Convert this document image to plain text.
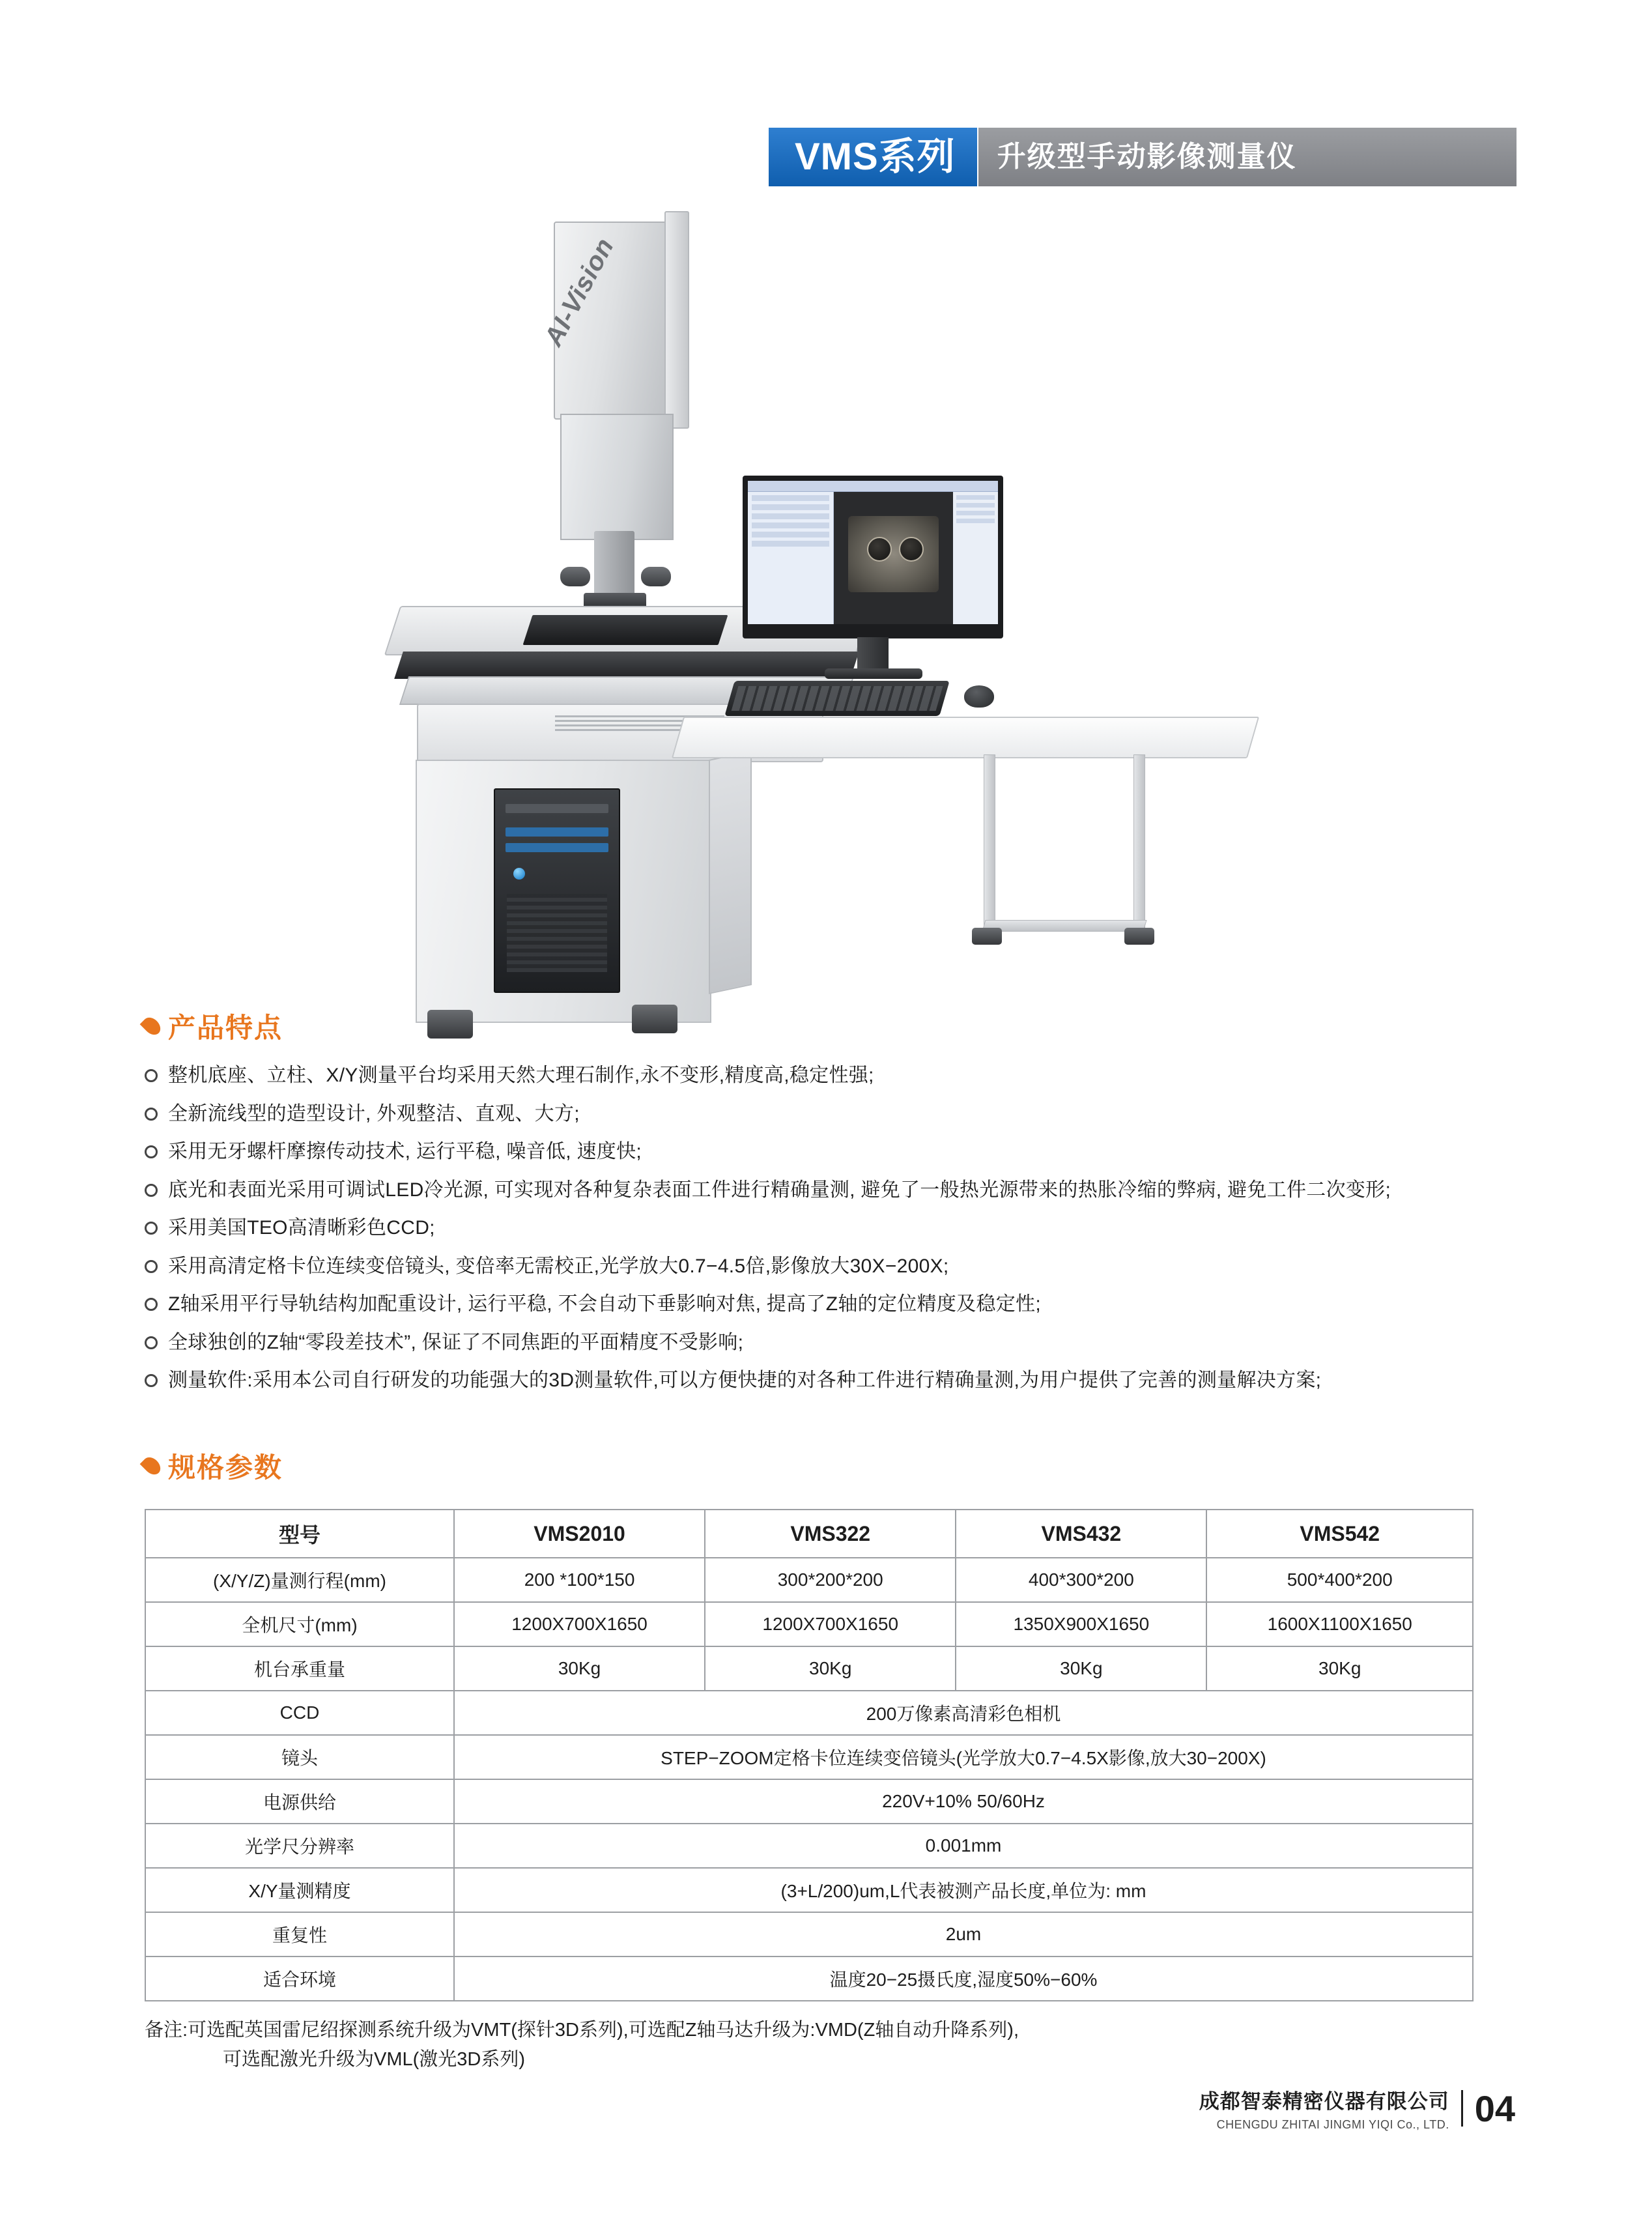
VMS系列 升级型手动影像测量仪
AI-Vision
产品特点
整机底座、立柱、X/Y测量平台均采用天然大理石制作,永不变形,精度高,稳定性强;
全新流线型的造型设计, 外观整洁、直观、大方;
采用无牙螺杆摩擦传动技术, 运行平稳, 噪音低, 速度快;
底光和表面光采用可调试LED冷光源, 可实现对各种复杂表面工件进行精确量测, 避免了一般热光源带来的热胀冷缩的弊病, 避免工件二次变形;
采用美国TEO高清晰彩色CCD;
采用高清定格卡位连续变倍镜头, 变倍率无需校正,光学放大0.7−4.5倍,影像放大30X−200X;
Z轴采用平行导轨结构加配重设计, 运行平稳, 不会自动下垂影响对焦, 提高了Z轴的定位精度及稳定性;
全球独创的Z轴“零段差技术”, 保证了不同焦距的平面精度不受影响;
测量软件:采用本公司自行研发的功能强大的3D测量软件,可以方便快捷的对各种工件进行精确量测,为用户提供了完善的测量解决方案;
规格参数
型号	VMS2010	VMS322	VMS432	VMS542
(X/Y/Z)量测行程(mm)	200 *100*150	300*200*200	400*300*200	500*400*200
全机尺寸(mm)	1200X700X1650	1200X700X1650	1350X900X1650	1600X1100X1650
机台承重量	30Kg	30Kg	30Kg	30Kg
CCD	200万像素高清彩色相机			
镜头	STEP−ZOOM定格卡位连续变倍镜头(光学放大0.7−4.5X影像,放大30−200X)			
电源供给	220V+10% 50/60Hz			
光学尺分辨率	0.001mm			
X/Y量测精度	(3+L/200)um,L代表被测产品长度,单位为: mm			
重复性	2um			
适合环境	温度20−25摄氏度,湿度50%−60%			
备注:可选配英国雷尼绍探测系统升级为VMT(探针3D系列),可选配Z轴马达升级为:VMD(Z轴自动升降系列),
可选配激光升级为VML(激光3D系列)
成都智泰精密仪器有限公司
CHENGDU ZHITAI JINGMI YIQI Co., LTD. 04
